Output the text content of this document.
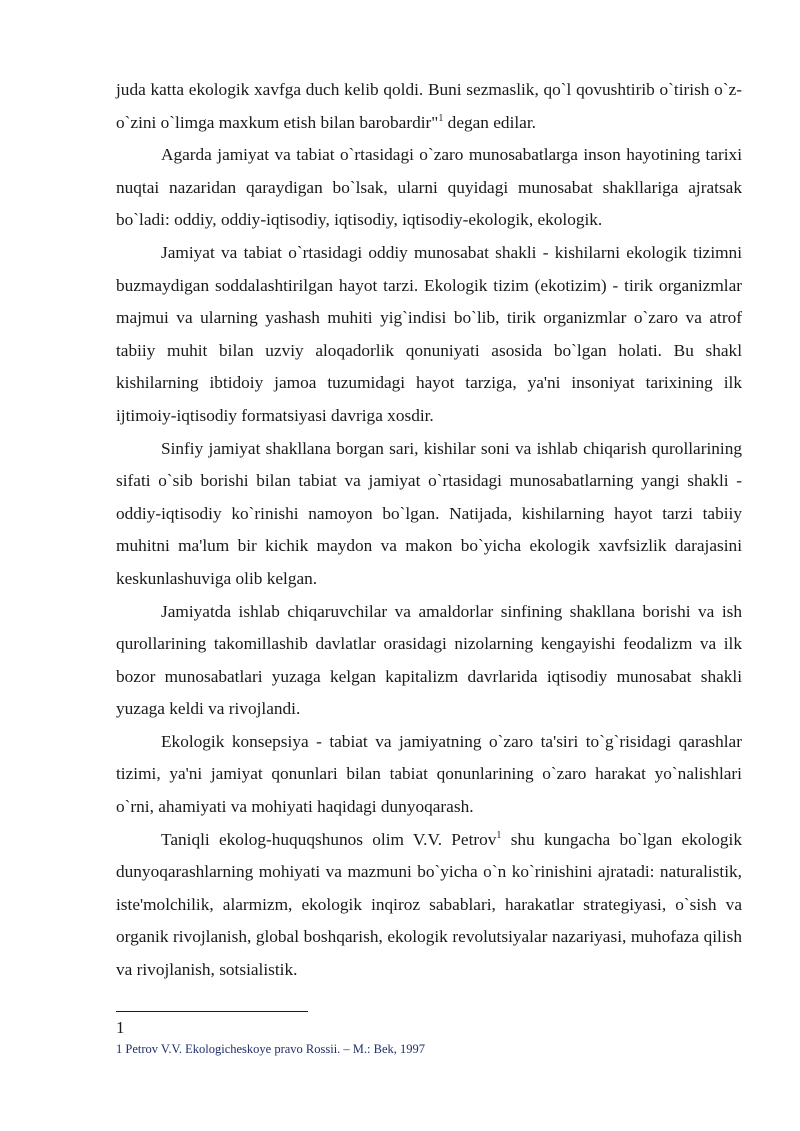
juda katta ekologik xavfga duch kelib qoldi. Buni sezmaslik, qo`l qovushtirib o`tirish o`z-o`zini o`limga maxkum etish bilan barobardir"$^1$ degan edilar.

Agarda jamiyat va tabiat o`rtasidagi o`zaro munosabatlarga inson hayotining tarixi nuqtai nazaridan qaraydigan bo`lsak, ularni quyidagi munosabat shakllariga ajratsak bo`ladi: oddiy, oddiy-iqtisodiy, iqtisodiy, iqtisodiy-ekologik, ekologik.

Jamiyat va tabiat o`rtasidagi oddiy munosabat shakli - kishilarni ekologik tizimni buzmaydigan soddalashtirilgan hayot tarzi. Ekologik tizim (ekotizim) - tirik organizmlar majmui va ularning yashash muhiti yig`indisi bo`lib, tirik organizmlar o`zaro va atrof tabiiy muhit bilan uzviy aloqadorlik qonuniyati asosida bo`lgan holati. Bu shakl kishilarning ibtidoiy jamoa tuzumidagi hayot tarziga, ya'ni insoniyat tarixining ilk ijtimoiy-iqtisodiy formatsiyasi davriga xosdir.

Sinfiy jamiyat shakllana borgan sari, kishilar soni va ishlab chiqarish qurollarining sifati o`sib borishi bilan tabiat va jamiyat o`rtasidagi munosabatlarning yangi shakli - oddiy-iqtisodiy ko`rinishi namoyon bo`lgan. Natijada, kishilarning hayot tarzi tabiiy muhitni ma'lum bir kichik maydon va makon bo`yicha ekologik xavfsizlik darajasini keskunlashuviga olib kelgan.

Jamiyatda ishlab chiqaruvchilar va amaldorlar sinfining shakllana borishi va ish qurollarining takomillashib davlatlar orasidagi nizolarning kengayishi feodalizm va ilk bozor munosabatlari yuzaga kelgan kapitalizm davrlarida iqtisodiy munosabat shakli yuzaga keldi va rivojlandi.

Ekologik konsepsiya - tabiat va jamiyatning o`zaro ta'siri to`g`risidagi qarashlar tizimi, ya'ni jamiyat qonunlari bilan tabiat qonunlarining o`zaro harakat yo`nalishlari o`rni, ahamiyati va mohiyati haqidagi dunyoqarash.

Taniqli ekolog-huquqshunos olim V.V. Petrov$^1$ shu kungacha bo`lgan ekologik dunyoqarashlarning mohiyati va mazmuni bo`yicha o`n ko`rinishini ajratadi: naturalistik, iste'molchilik, alarmizm, ekologik inqiroz sabablari, harakatlar strategiyasi, o`sish va organik rivojlanish, global boshqarish, ekologik revolutsiyalar nazariyasi, muhofaza qilish va rivojlanish, sotsialistik.

1
1 Petrov V.V. Ekologicheskoye pravo Rossii. – M.: Bek, 1997
